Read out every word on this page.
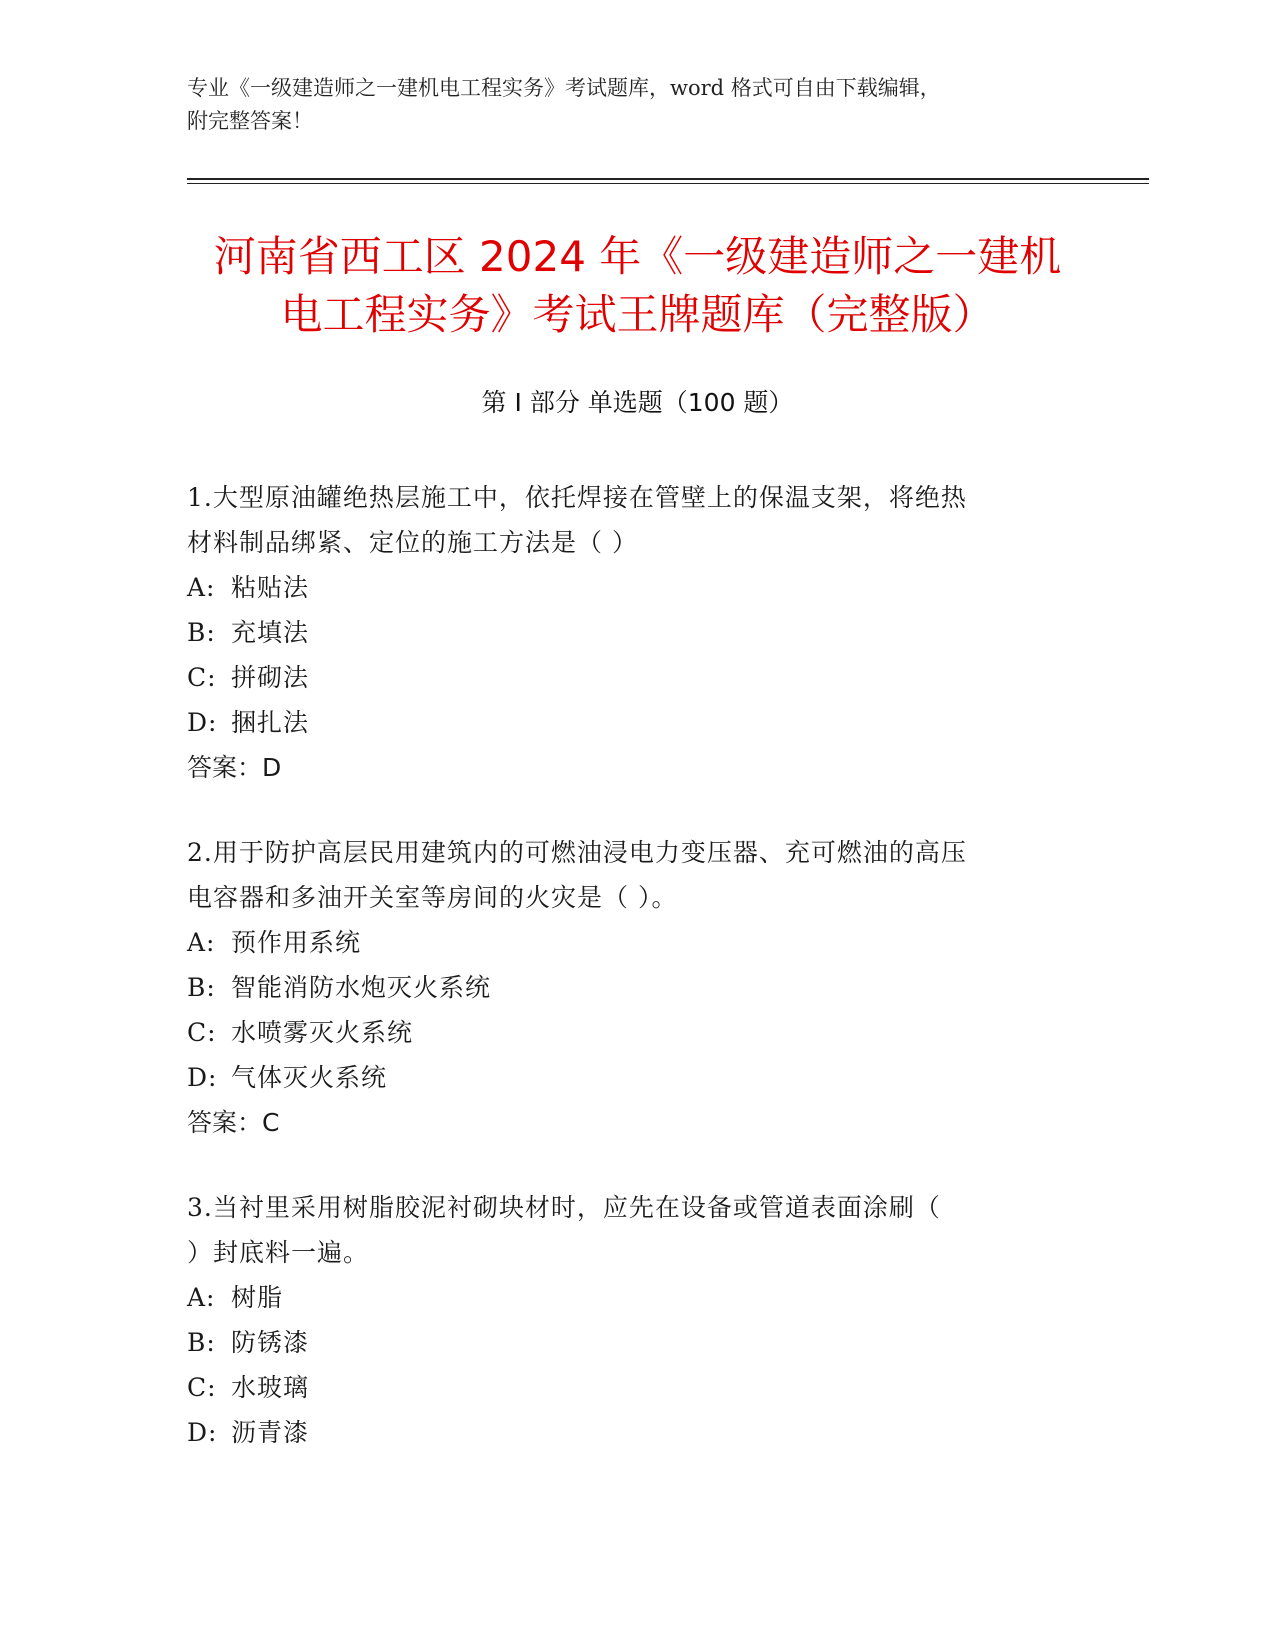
专业《一级建造师之一建机电工程实务》考试题库，word 格式可自由下载编辑，
附完整答案！
河南省西工区 2024 年《一级建造师之一建机
电工程实务》考试王牌题库（完整版）
第 I 部分 单选题（100 题）

1.大型原油罐绝热层施工中，依托焊接在管壁上的保温支架，将绝热

材料制品绑紧、定位的施工方法是（ ）

A: 粘贴法

B: 充填法

C: 拼砌法

D: 捆扎法

答案：D

2.用于防护高层民用建筑内的可燃油浸电力变压器、充可燃油的高压

电容器和多油开关室等房间的火灾是（ ）。

A: 预作用系统

B: 智能消防水炮灭火系统

C: 水喷雾灭火系统

D: 气体灭火系统

答案：C

3.当衬里采用树脂胶泥衬砌块材时，应先在设备或管道表面涂刷（

）封底料一遍。

A: 树脂

B: 防锈漆

C: 水玻璃

D: 沥青漆
